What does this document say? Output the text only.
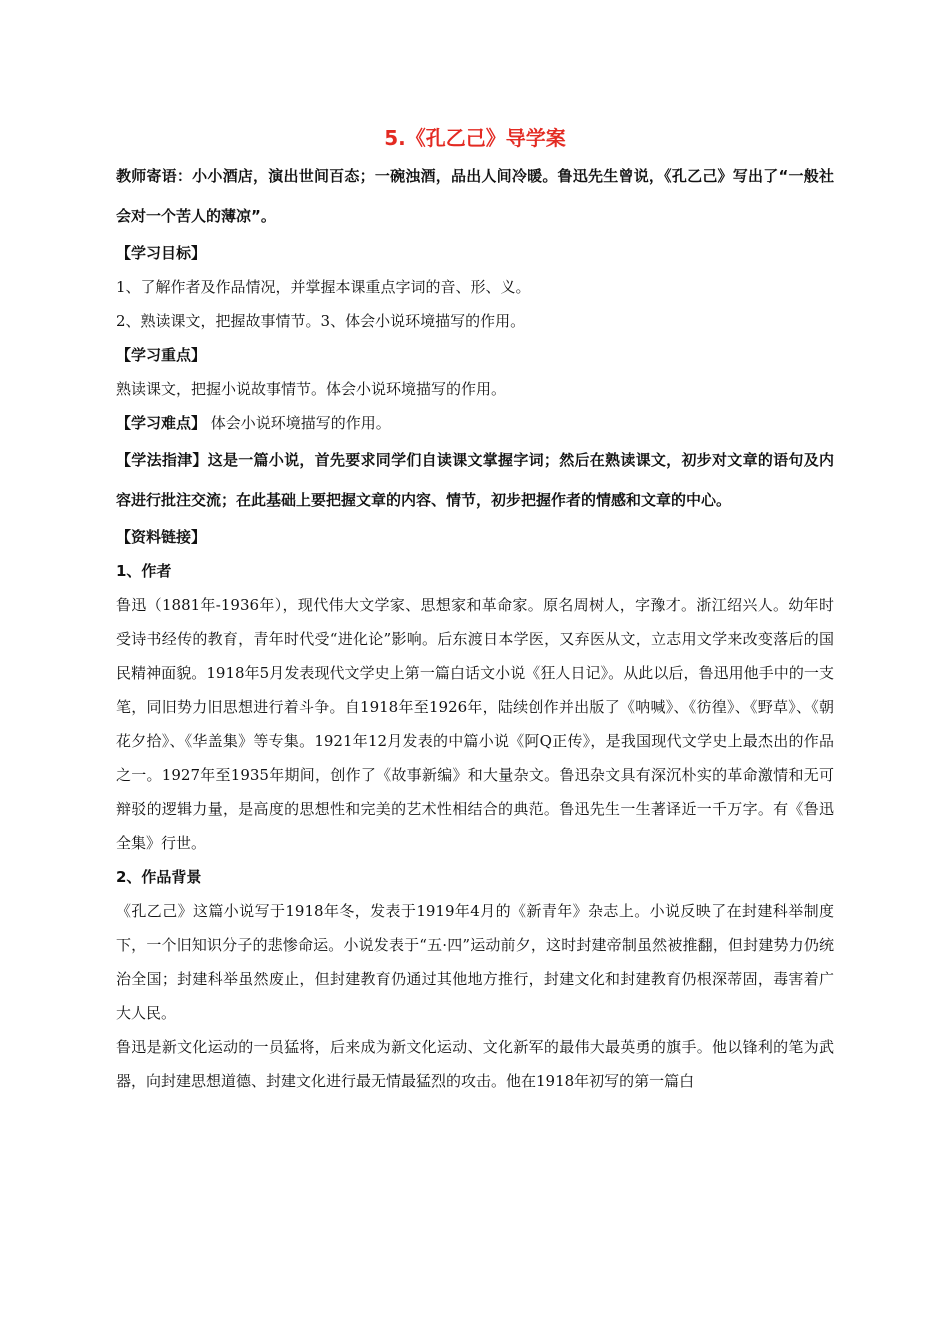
5.《孔乙己》导学案

教师寄语：小小酒店，演出世间百态；一碗浊酒，品出人间冷暖。鲁迅先生曾说，《孔乙己》写出了“一般社会对一个苦人的薄凉”。

【学习目标】

1、了解作者及作品情况，并掌握本课重点字词的音、形、义。

2、熟读课文，把握故事情节。3、体会小说环境描写的作用。

【学习重点】

熟读课文，把握小说故事情节。体会小说环境描写的作用。

【学习难点】 体会小说环境描写的作用。

【学法指津】这是一篇小说，首先要求同学们自读课文掌握字词；然后在熟读课文，初步对文章的语句及内容进行批注交流；在此基础上要把握文章的内容、情节，初步把握作者的情感和文章的中心。

【资料链接】

1、作者

鲁迅（1881年-1936年），现代伟大文学家、思想家和革命家。原名周树人，字豫才。浙江绍兴人。幼年时受诗书经传的教育，青年时代受“进化论”影响。后东渡日本学医，又弃医从文，立志用文学来改变落后的国民精神面貌。1918年5月发表现代文学史上第一篇白话文小说《狂人日记》。从此以后，鲁迅用他手中的一支笔，同旧势力旧思想进行着斗争。自1918年至1926年，陆续创作并出版了《呐喊》、《彷徨》、《野草》、《朝花夕拾》、《华盖集》等专集。1921年12月发表的中篇小说《阿Q正传》，是我国现代文学史上最杰出的作品之一。1927年至1935年期间，创作了《故事新编》和大量杂文。鲁迅杂文具有深沉朴实的革命激情和无可辩驳的逻辑力量，是高度的思想性和完美的艺术性相结合的典范。鲁迅先生一生著译近一千万字。有《鲁迅全集》行世。

2、作品背景

《孔乙己》这篇小说写于1918年冬，发表于1919年4月的《新青年》杂志上。小说反映了在封建科举制度下，一个旧知识分子的悲惨命运。小说发表于“五·四”运动前夕，这时封建帝制虽然被推翻，但封建势力仍统治全国；封建科举虽然废止，但封建教育仍通过其他地方推行，封建文化和封建教育仍根深蒂固，毒害着广大人民。

鲁迅是新文化运动的一员猛将，后来成为新文化运动、文化新军的最伟大最英勇的旗手。他以锋利的笔为武器，向封建思想道德、封建文化进行最无情最猛烈的攻击。他在1918年初写的第一篇白
